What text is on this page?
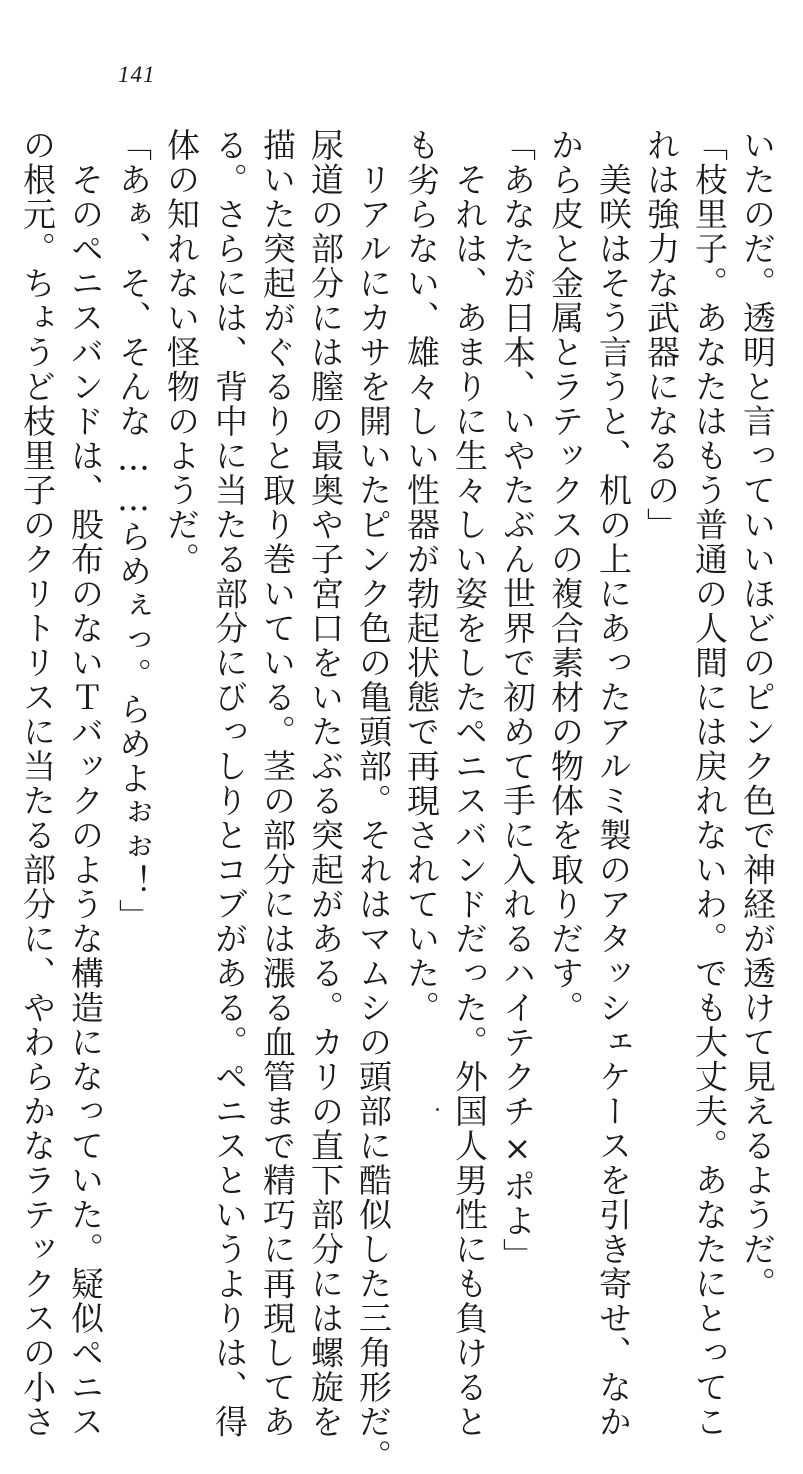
141
いたのだ。透明と言っていいほどのピンク色で神経が透けて見えるようだ。
「枝里子。あなたはもう普通の人間には戻れないわ。でも大丈夫。あなたにとってこ
れは強力な武器になるの」
　美咲はそう言うと、机の上にあったアルミ製のアタッシェケースを引き寄せ、なか
から皮と金属とラテックスの複合素材の物体を取りだす。
「あなたが日本、いやたぶん世界で初めて手に入れるハイテクチ×ポよ」
　それは、あまりに生々しい姿をしたペニスバンドだった。外国人男性にも負けると
も劣らない、雄々しい性器が勃起状態で再現されていた。
　リアルにカサを開いたピンク色の亀頭部。それはマムシの頭部に酷似した三角形だ。
尿道の部分には膣の最奥や子宮口をいたぶる突起がある。カリの直下部分には螺旋を
描いた突起がぐるりと取り巻いている。茎の部分には漲る血管まで精巧に再現してあ
る。さらには、背中に当たる部分にびっしりとコブがある。ペニスというよりは、得
体の知れない怪物のようだ。
「あぁ、そ、そんな……らめぇっ。らめよぉぉ！」
　そのペニスバンドは、股布のないＴバックのような構造になっていた。疑似ペニス
の根元。ちょうど枝里子のクリトリスに当たる部分に、やわらかなラテックスの小さ
